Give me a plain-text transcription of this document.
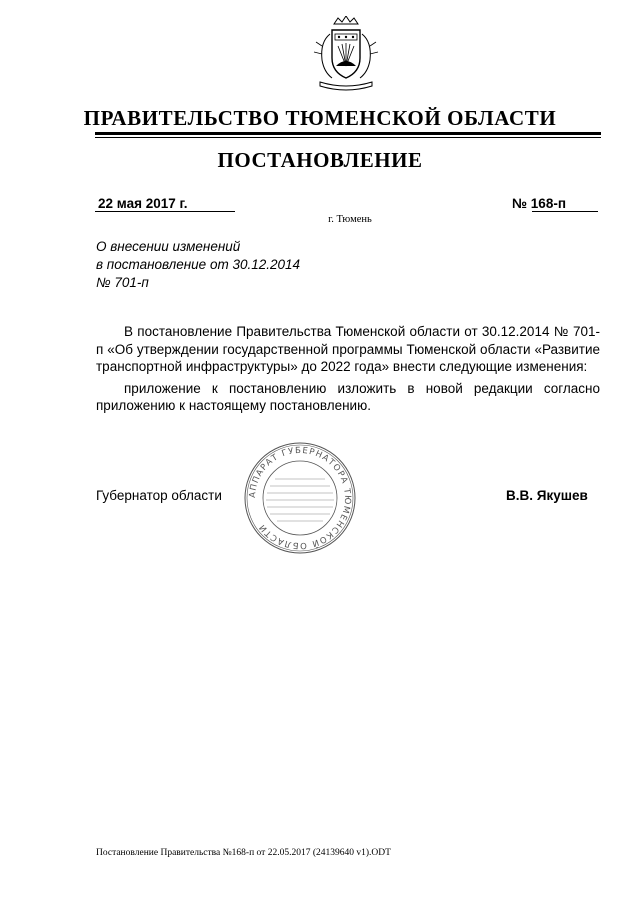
ПРАВИТЕЛЬСТВО ТЮМЕНСКОЙ ОБЛАСТИ
ПОСТАНОВЛЕНИЕ
22 мая 2017 г.	№ 168-п
г. Тюмень
О внесении изменений
в постановление от 30.12.2014
№ 701-п

В постановление Правительства Тюменской области от 30.12.2014 № 701-п «Об утверждении государственной программы Тюменской области «Развитие транспортной инфраструктуры» до 2022 года» внести следующие изменения:

приложение к постановлению изложить в новой редакции согласно приложению к настоящему постановлению.

Губернатор области	АППАРАТ ГУБЕРНАТОРА ТЮМЕНСКОЙ ОБЛАСТИ
В.В. Якушев
Постановление Правительства №168-п от 22.05.2017 (24139640 v1).ODT
